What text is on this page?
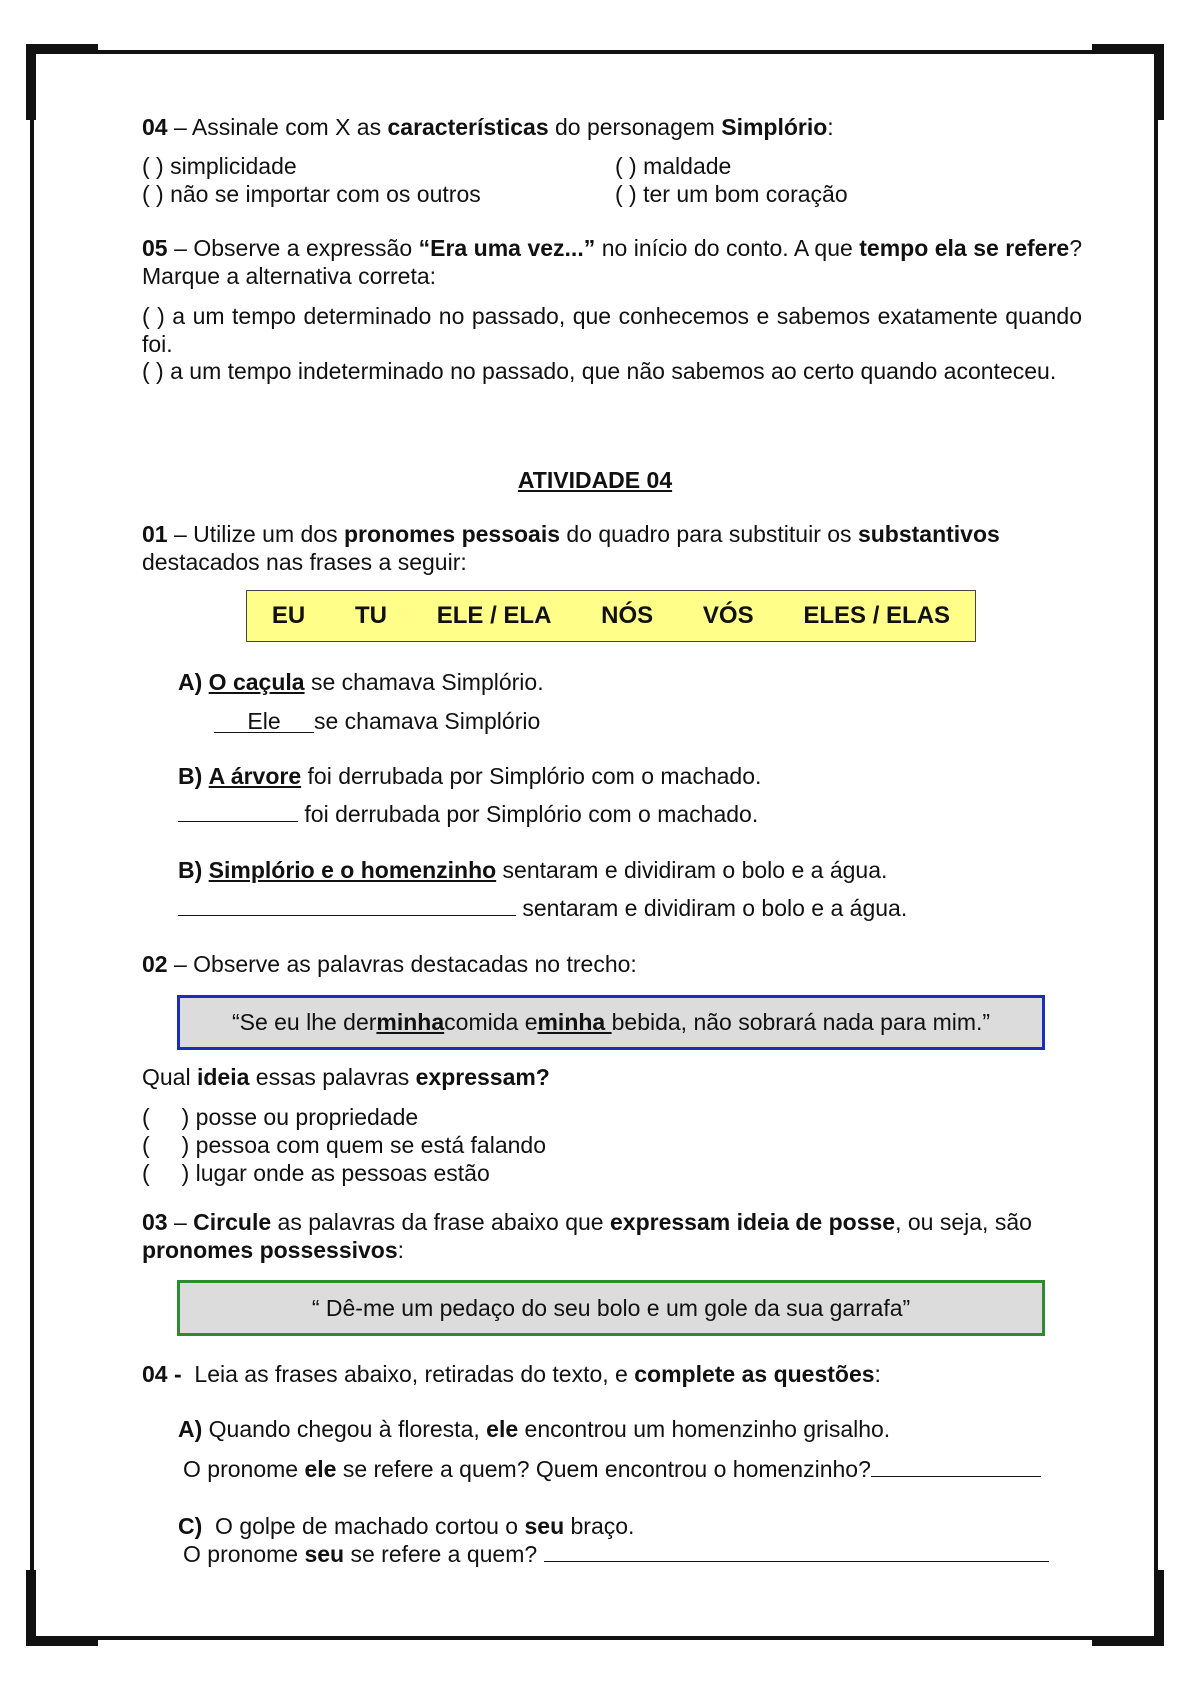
04 – Assinale com X as características do personagem Simplório:
( ) simplicidade	( ) maldade
( ) não se importar com os outros	( ) ter um bom coração
05 – Observe a expressão “Era uma vez...” no início do conto. A que tempo ela se refere? Marque a alternativa correta:
( ) a um tempo determinado no passado, que conhecemos e sabemos exatamente quando foi.
( ) a um tempo indeterminado no passado, que não sabemos ao certo quando aconteceu.
ATIVIDADE 04
01 – Utilize um dos pronomes pessoais do quadro para substituir os substantivos destacados nas frases a seguir:
EU TU ELE / ELA NÓS VÓS ELES / ELAS
A) O caçula se chamava Simplório.
Ele se chamava Simplório
B) A árvore foi derrubada por Simplório com o machado.
foi derrubada por Simplório com o machado.
B) Simplório e o homenzinho sentaram e dividiram o bolo e a água.
sentaram e dividiram o bolo e a água.
02 – Observe as palavras destacadas no trecho:
“Se eu lhe der minha comida e minha bebida, não sobrará nada para mim.”
Qual ideia essas palavras expressam?
(     ) posse ou propriedade
(     ) pessoa com quem se está falando
(     ) lugar onde as pessoas estão
03 – Circule as palavras da frase abaixo que expressam ideia de posse, ou seja, são pronomes possessivos:
“ Dê-me um pedaço do seu bolo e um gole da sua garrafa”
04 -  Leia as frases abaixo, retiradas do texto, e complete as questões:
A) Quando chegou à floresta, ele encontrou um homenzinho grisalho.
O pronome ele se refere a quem? Quem encontrou o homenzinho?
C)  O golpe de machado cortou o seu braço.
O pronome seu se refere a quem?
